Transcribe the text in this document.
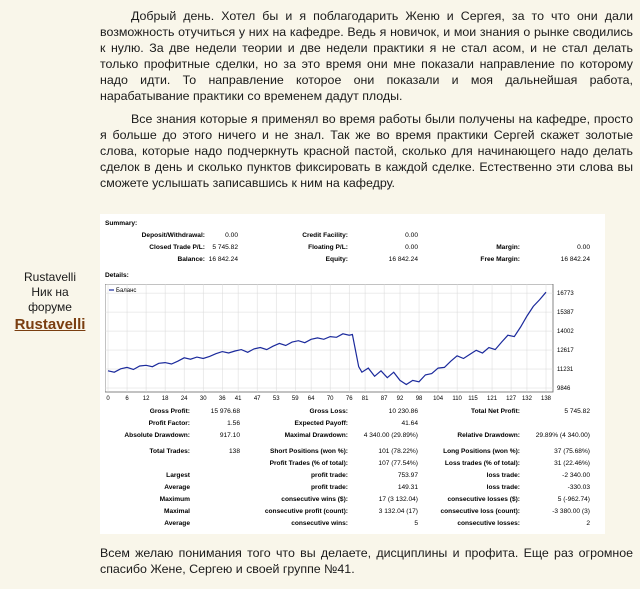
Добрый день. Хотел бы и я поблагодарить Женю и Сергея, за то что они дали возможность отучиться у них на кафедре. Ведь я новичок, и мои знания о рынке сводились к нулю. За две недели теории и две недели практики я не стал асом, и не стал делать только профитные сделки, но за это время они мне показали направление по которому надо идти. То направление которое они показали и моя дальнейшая работа, нарабатывание практики со временем дадут плоды.

Все знания которые я применял во время работы были получены на кафедре, просто я больше до этого ничего и не знал. Так же во время практики Сергей скажет золотые слова, которые надо подчеркнуть красной пастой, сколько для начинающего надо делать сделок в день и сколько пунктов фиксировать в каждой сделке. Естественно эти слова вы сможете услышать записавшись к ним на кафедру.

Rustavelli
Ник на
форуме
Rustavelli
Summary:
Deposit/Withdrawal:	0.00	Credit Facility:	0.00
Closed Trade P/L:	5 745.82	Floating P/L:	0.00	Margin:	0.00
Balance: 16 842.24	Equity:	16 842.24	Free Margin:	16 842.24
Details:
0	6 12 18 24 30 36 41 47 53 59 64 70 76 81 87 92 98 104 110 115 121 127 132 138
9846
11231
12617
14002
15387
16773
Баланс
Gross Profit:	15 976.68	Gross Loss:	10 230.86	Total Net Profit:	5 745.82
Profit Factor:	1.56	Expected Payoff:	41.64
Absolute Drawdown:	917.10	Maximal Drawdown:	4 340.00 (29.89%)	Relative Drawdown:	29.89% (4 340.00)
Total Trades:	138	Short Positions (won %):	101 (78.22%)	Long Positions (won %):	37 (75.68%)
Profit Trades (% of total):	107 (77.54%)	Loss trades (% of total):	31 (22.46%)
Largest	profit trade:	753.97	loss trade:	-2 340.00
Average	profit trade:	149.31	loss trade:	-330.03
Maximum	consecutive wins ($):	17 (3 132.04)	consecutive losses ($):	5 (-962.74)
Maximal	consecutive profit (count):	3 132.04 (17)	consecutive loss (count):	-3 380.00 (3)
Average	consecutive wins:	5	consecutive losses:	2

Всем желаю понимания того что вы делаете, дисциплины и профита. Еще раз огромное спасибо Жене, Сергею и своей группе №41.
